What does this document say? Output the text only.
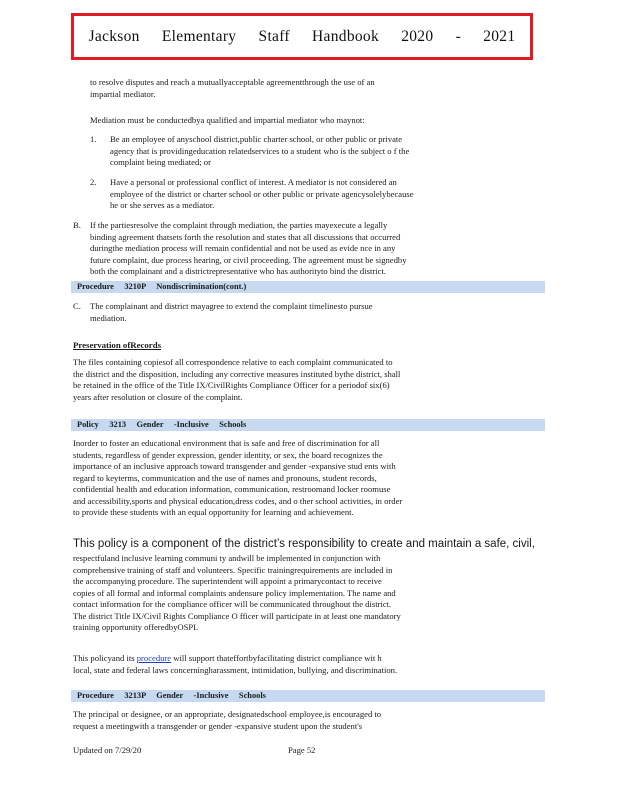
Jackson Elementary Staff Handbook 2020 - 2021

to resolve disputes and reach a mutuallyacceptable agreementthrough the use of an

impartial mediator.

Mediation must be conductedbya qualified and impartial mediator who maynot:
1. Be an employee of anyschool district,public charter school, or other public or private

agency that is providingeducation relatedservices to a student who is the subject o f the

complaint being mediated; or

2. Have a personal or professional conflict of interest. A mediator is not considered an

employee of the district or charter school or other public or private agencysolelybecause

he or she serves as a mediator.

B. If the partiesresolve the complaint through mediation, the parties mayexecute a legally

binding agreement thatsets forth the resolution and states that all discussions that occurred

duringthe mediation process will remain confidential and not be used as evide nce in any

future complaint, due process hearing, or civil proceeding. The agreement must be signedby

both the complainant and a districtrepresentative who has authorityto bind the district.

Procedure     3210P     Nondiscrimination(cont.)
C. The complainant and district mayagree to extend the complaint timelinesto pursue

mediation.

Preservation ofRecords

The files containing copiesof all correspondence relative to each complaint communicated to

the district and the disposition, including any corrective measures instituted bythe district, shall

be retained in the office of the Title IX/CivilRights Compliance Officer for a periodof six(6)

years after resolution or closure of the complaint.

Policy     3213     Gender     -Inclusive     Schools

Inorder to foster an educational environment that is safe and free of discrimination for all

students, regardless of gender expression, gender identity, or sex, the board recognizes the

importance of an inclusive approach toward transgender and gender -expansive stud ents with

regard to keyterms, communication and the use of names and pronouns, student records,

confidential health and education information, communication, restroomand locker roomuse

and accessibility,sports and physical education,dress codes, and o ther school activities, in order

to provide these students with an equal opportunity for learning and achievement.

This policy is a component of the district’s responsibility to create and maintain a safe, civil,

respectfuland inclusive learning communi ty andwill be implemented in conjunction with

comprehensive training of staff and volunteers. Specific trainingrequirements are included in

the accompanying procedure. The superintendent will appoint a primarycontact to receive

copies of all formal and informal complaints andensure policy implementation. The name and

contact information for the compliance officer will be communicated throughout the district.

The district Title IX/Civil Rights Compliance O fficer will participate in at least one mandatory

training opportunity offeredbyOSPI.

This policyand its procedure will support thateffortbyfacilitating district compliance wit h

local, state and federal laws concerningharassment, intimidation, bullying, and discrimination.

Procedure     3213P     Gender     -Inclusive     Schools

The principal or designee, or an appropriate, designatedschool employee,is encouraged to

request a meetingwith a transgender or gender -expansive student upon the student's

Updated on 7/29/20	Page 52
